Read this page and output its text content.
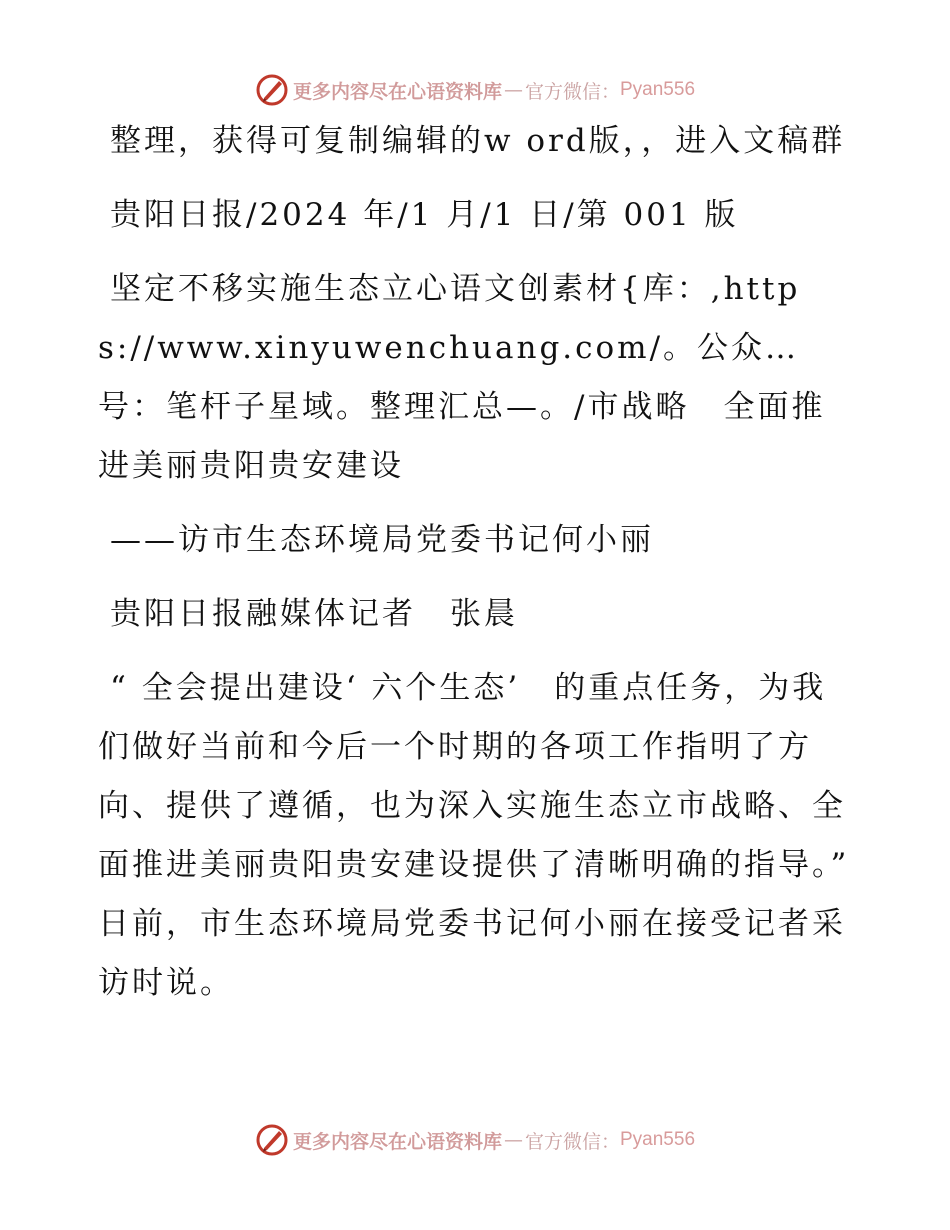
更多内容尽在心语资料库 — 官方微信： Pyan556

整理，获得可复制编辑的w ord版，，进入文稿群

贵阳日报/2024 年/1 月/1 日/第 001 版

坚定不移实施生态立心语文创素材{库：,https://www.xinyuwenchuang.com/。公众…号：笔杆子星域。整理汇总—。/市战略　全面推进美丽贵阳贵安建设

——访市生态环境局党委书记何小丽

贵阳日报融媒体记者　张晨

“ 全会提出建设‘ 六个生态’　的重点任务，为我们做好当前和今后一个时期的各项工作指明了方向、提供了遵循，也为深入实施生态立市战略、全面推进美丽贵阳贵安建设提供了清晰明确的指导。” 日前，市生态环境局党委书记何小丽在接受记者采访时说。

更多内容尽在心语资料库 — 官方微信： Pyan556
